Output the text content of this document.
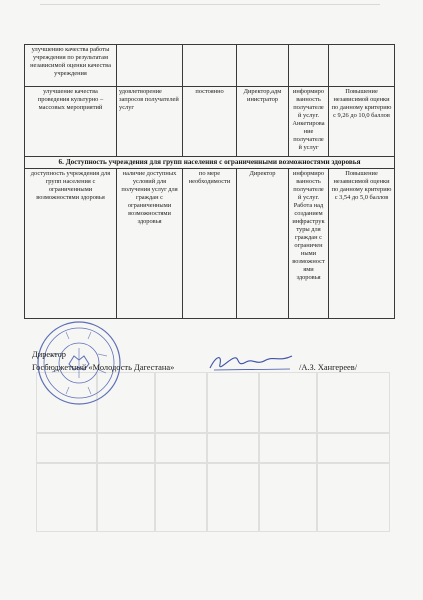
улучшению качества работы учреждения по результатам независимой оценки качества учреждения					
улучшение качества проведения культурно – массовых мероприятий	удовлетворение запросов получателей услуг	постоянно	Директор,адм инистратор	информиро ванность получателе й услуг. Анкетирова ние получателе й услуг	Повышение независимой оценки по данному критерию с 9,26 до 10,0 баллов
6. Доступность учреждения для групп населения с ограниченными возможностями здоровья					
доступность учреждения для групп населения с ограниченными возможностями здоровья	наличие доступных условий для получения услуг для граждан с ограниченными возможностями здоровья	по мере необходимости	Директор	информиро ванность получателе й услуг. Работа над созданием инфраструк туры для граждан с ограничен ными возможност ями здоровья	Повышение независимой оценки по данному критерию с 3,54 до 5,0 баллов
Директор
Госбюджетный «Молодость Дагестана»	/А.З. Хангереев/
